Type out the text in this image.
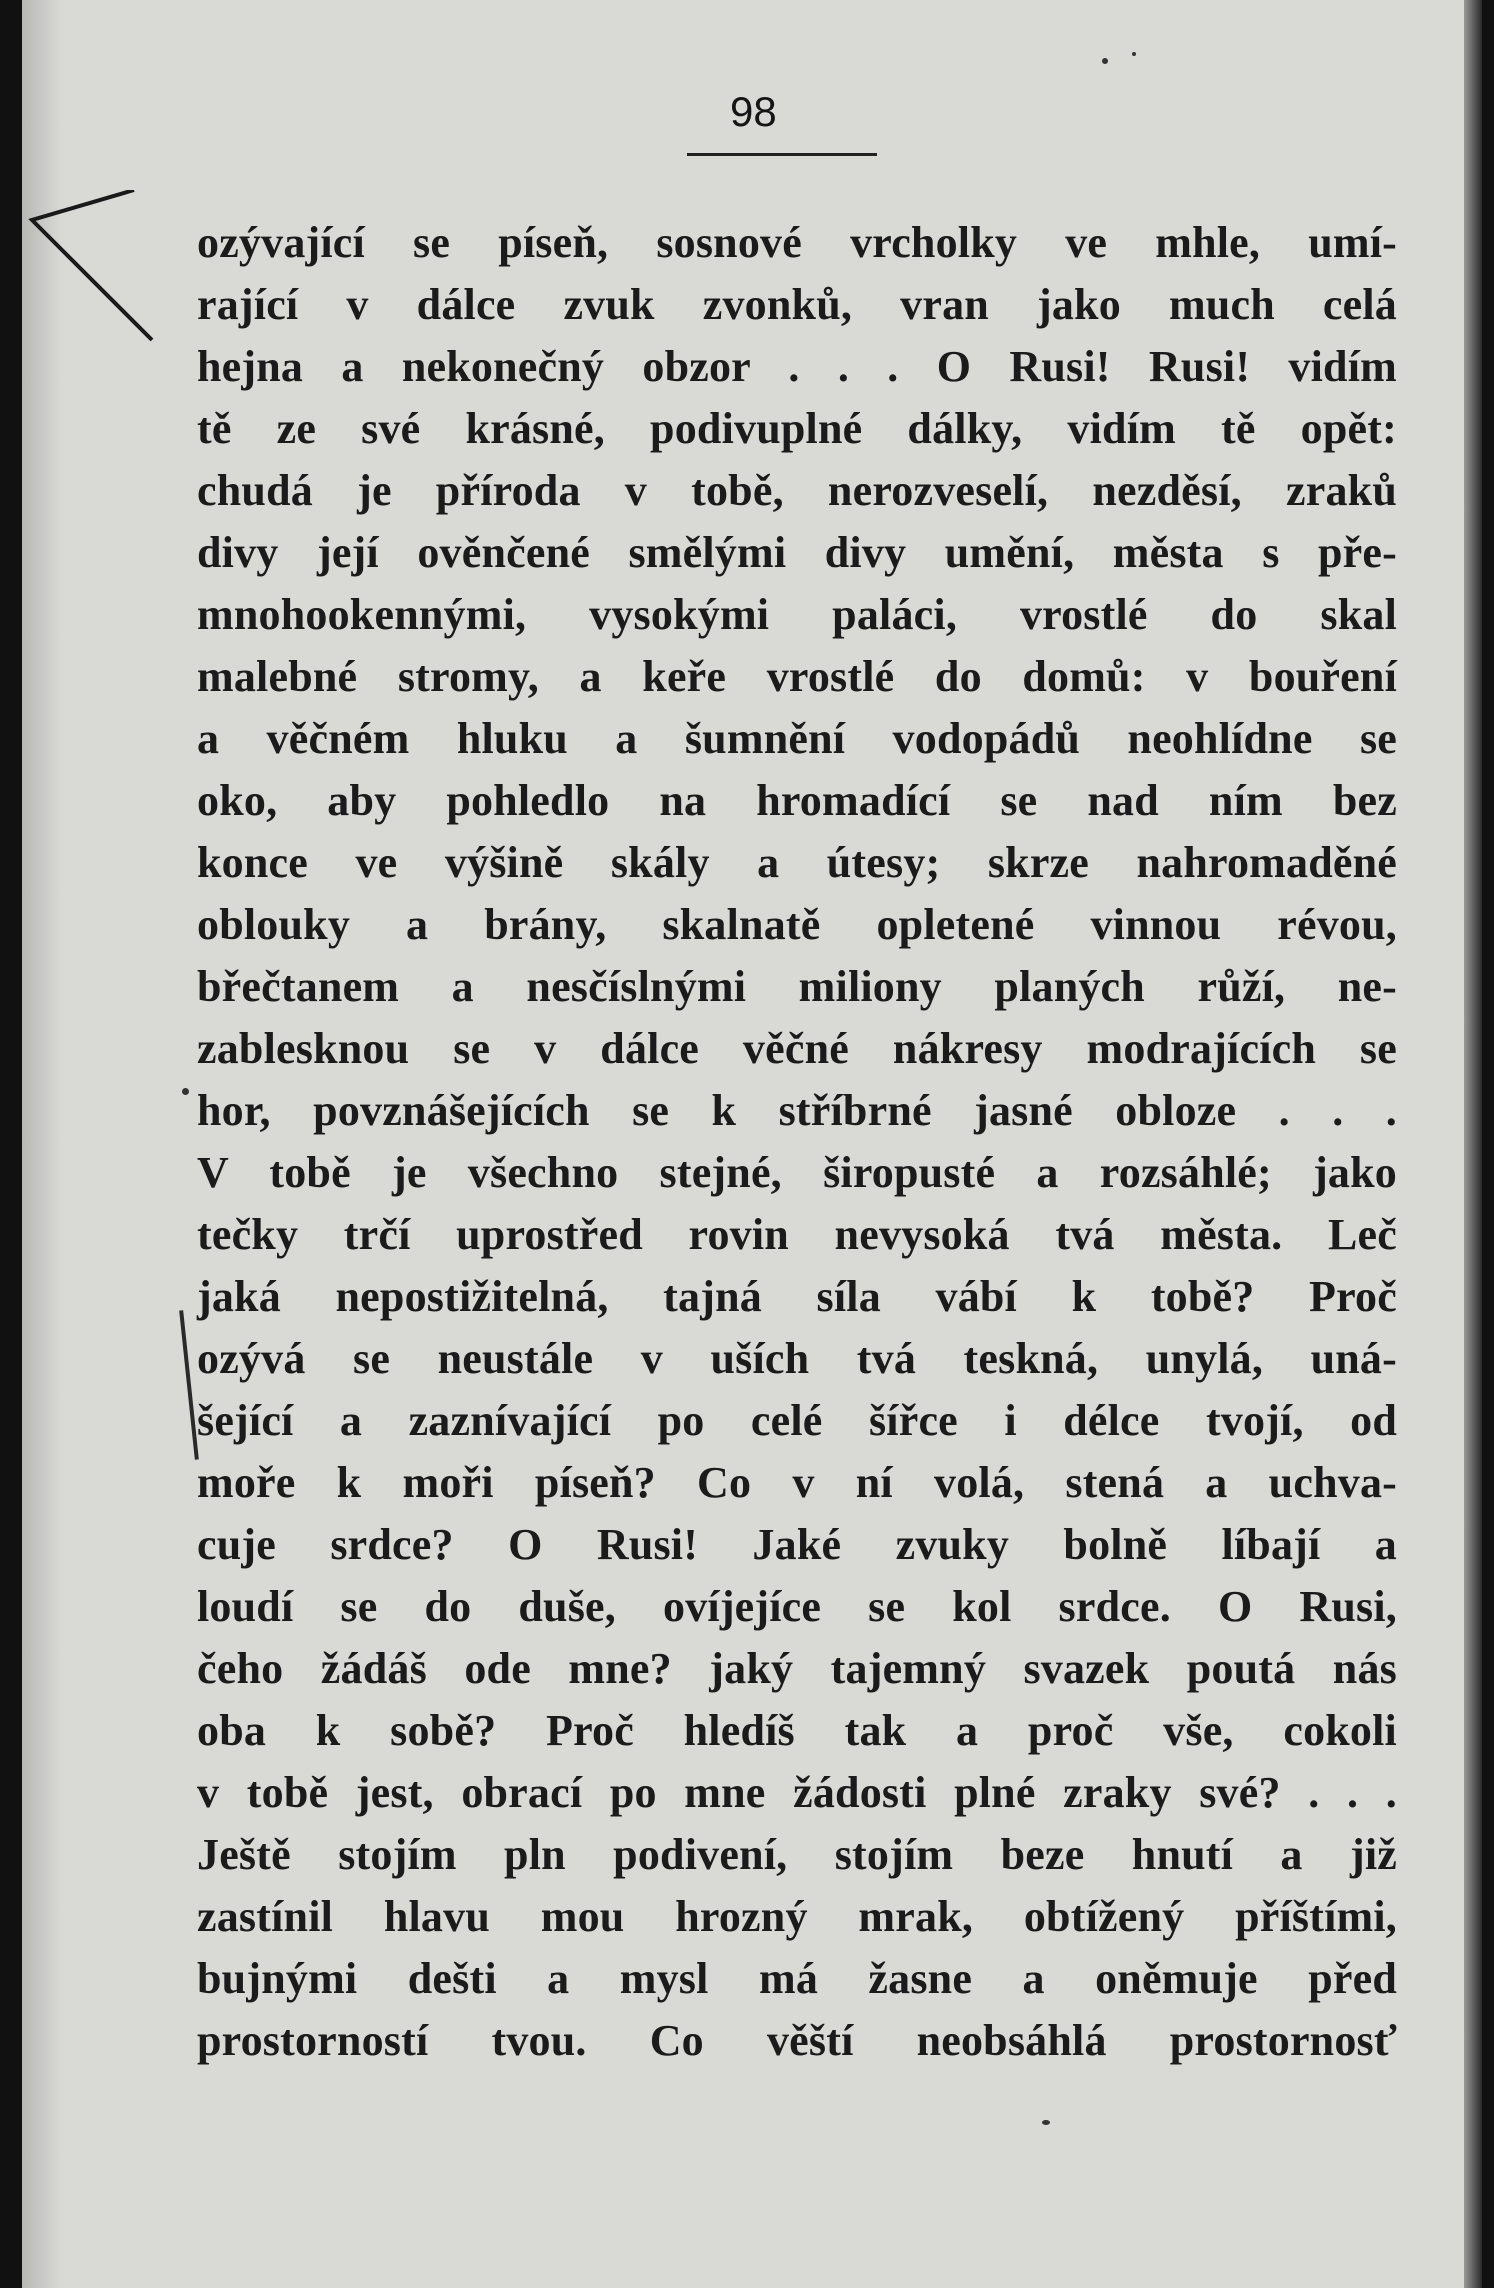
98
ozývající se píseň, sosnové vrcholky ve mhle, umí-
rající v dálce zvuk zvonků, vran jako much celá
hejna a nekonečný obzor . . . O Rusi! Rusi! vidím
tě ze své krásné, podivuplné dálky, vidím tě opět:
chudá je příroda v tobě, nerozveselí, nezděsí, zraků
divy její ověnčené smělými divy umění, města s pře-
mnohookennými, vysokými paláci, vrostlé do skal
malebné stromy, a keře vrostlé do domů: v bouření
a věčném hluku a šumnění vodopádů neohlídne se
oko, aby pohledlo na hromadící se nad ním bez
konce ve výšině skály a útesy; skrze nahromaděné
oblouky a brány, skalnatě opletené vinnou révou,
břečtanem a nesčíslnými miliony planých růží, ne-
zablesknou se v dálce věčné nákresy modrajících se
hor, povznášejících se k stříbrné jasné obloze . . .
V tobě je všechno stejné, širopusté a rozsáhlé; jako
tečky trčí uprostřed rovin nevysoká tvá města. Leč
jaká nepostižitelná, tajná síla vábí k tobě? Proč
ozývá se neustále v uších tvá teskná, unylá, uná-
šející a zaznívající po celé šířce i délce tvojí, od
moře k moři píseň? Co v ní volá, stená a uchva-
cuje srdce? O Rusi! Jaké zvuky bolně líbají a
loudí se do duše, ovíjejíce se kol srdce. O Rusi,
čeho žádáš ode mne? jaký tajemný svazek poutá nás
oba k sobě? Proč hledíš tak a proč vše, cokoli
v tobě jest, obrací po mne žádosti plné zraky své? . . .
Ještě stojím pln podivení, stojím beze hnutí a již
zastínil hlavu mou hrozný mrak, obtížený příštími,
bujnými dešti a mysl má žasne a oněmuje před
prostorností tvou. Co věští neobsáhlá prostornosť
